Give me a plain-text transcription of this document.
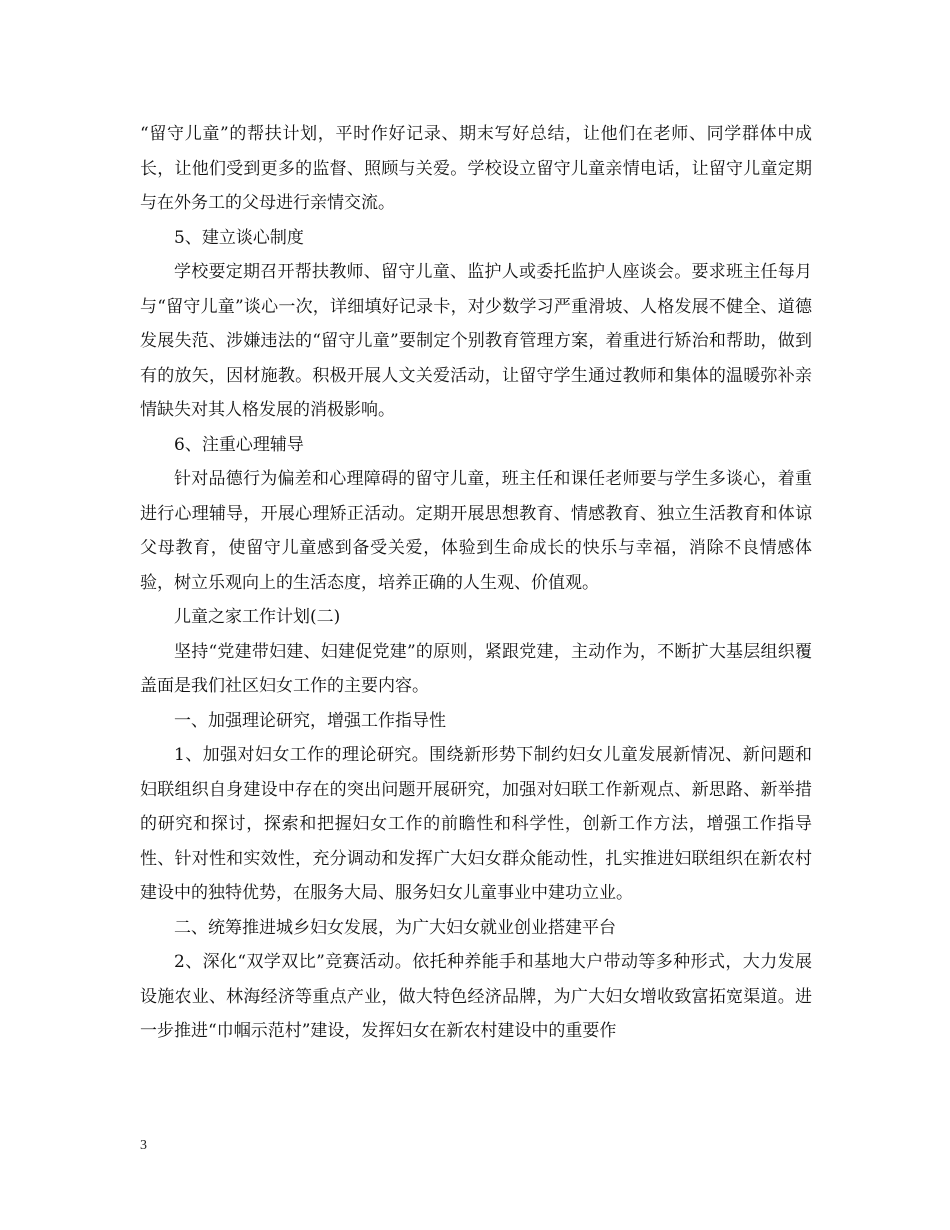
“留守儿童”的帮扶计划，平时作好记录、期末写好总结，让他们在老师、同学群体中成长，让他们受到更多的监督、照顾与关爱。学校设立留守儿童亲情电话，让留守儿童定期与在外务工的父母进行亲情交流。

5、建立谈心制度

学校要定期召开帮扶教师、留守儿童、监护人或委托监护人座谈会。要求班主任每月与“留守儿童”谈心一次，详细填好记录卡，对少数学习严重滑坡、人格发展不健全、道德发展失范、涉嫌违法的“留守儿童”要制定个别教育管理方案，着重进行矫治和帮助，做到有的放矢，因材施教。积极开展人文关爱活动，让留守学生通过教师和集体的温暖弥补亲情缺失对其人格发展的消极影响。

6、注重心理辅导

针对品德行为偏差和心理障碍的留守儿童，班主任和课任老师要与学生多谈心，着重进行心理辅导，开展心理矫正活动。定期开展思想教育、情感教育、独立生活教育和体谅父母教育，使留守儿童感到备受关爱，体验到生命成长的快乐与幸福，消除不良情感体验，树立乐观向上的生活态度，培养正确的人生观、价值观。

儿童之家工作计划(二)

坚持“党建带妇建、妇建促党建”的原则，紧跟党建，主动作为，不断扩大基层组织覆盖面是我们社区妇女工作的主要内容。

一、加强理论研究，增强工作指导性

1、加强对妇女工作的理论研究。围绕新形势下制约妇女儿童发展新情况、新问题和妇联组织自身建设中存在的突出问题开展研究，加强对妇联工作新观点、新思路、新举措的研究和探讨，探索和把握妇女工作的前瞻性和科学性，创新工作方法，增强工作指导性、针对性和实效性，充分调动和发挥广大妇女群众能动性，扎实推进妇联组织在新农村建设中的独特优势，在服务大局、服务妇女儿童事业中建功立业。

二、统筹推进城乡妇女发展，为广大妇女就业创业搭建平台

2、深化“双学双比”竞赛活动。依托种养能手和基地大户带动等多种形式，大力发展设施农业、林海经济等重点产业，做大特色经济品牌，为广大妇女增收致富拓宽渠道。进一步推进“巾帼示范村”建设，发挥妇女在新农村建设中的重要作

3
